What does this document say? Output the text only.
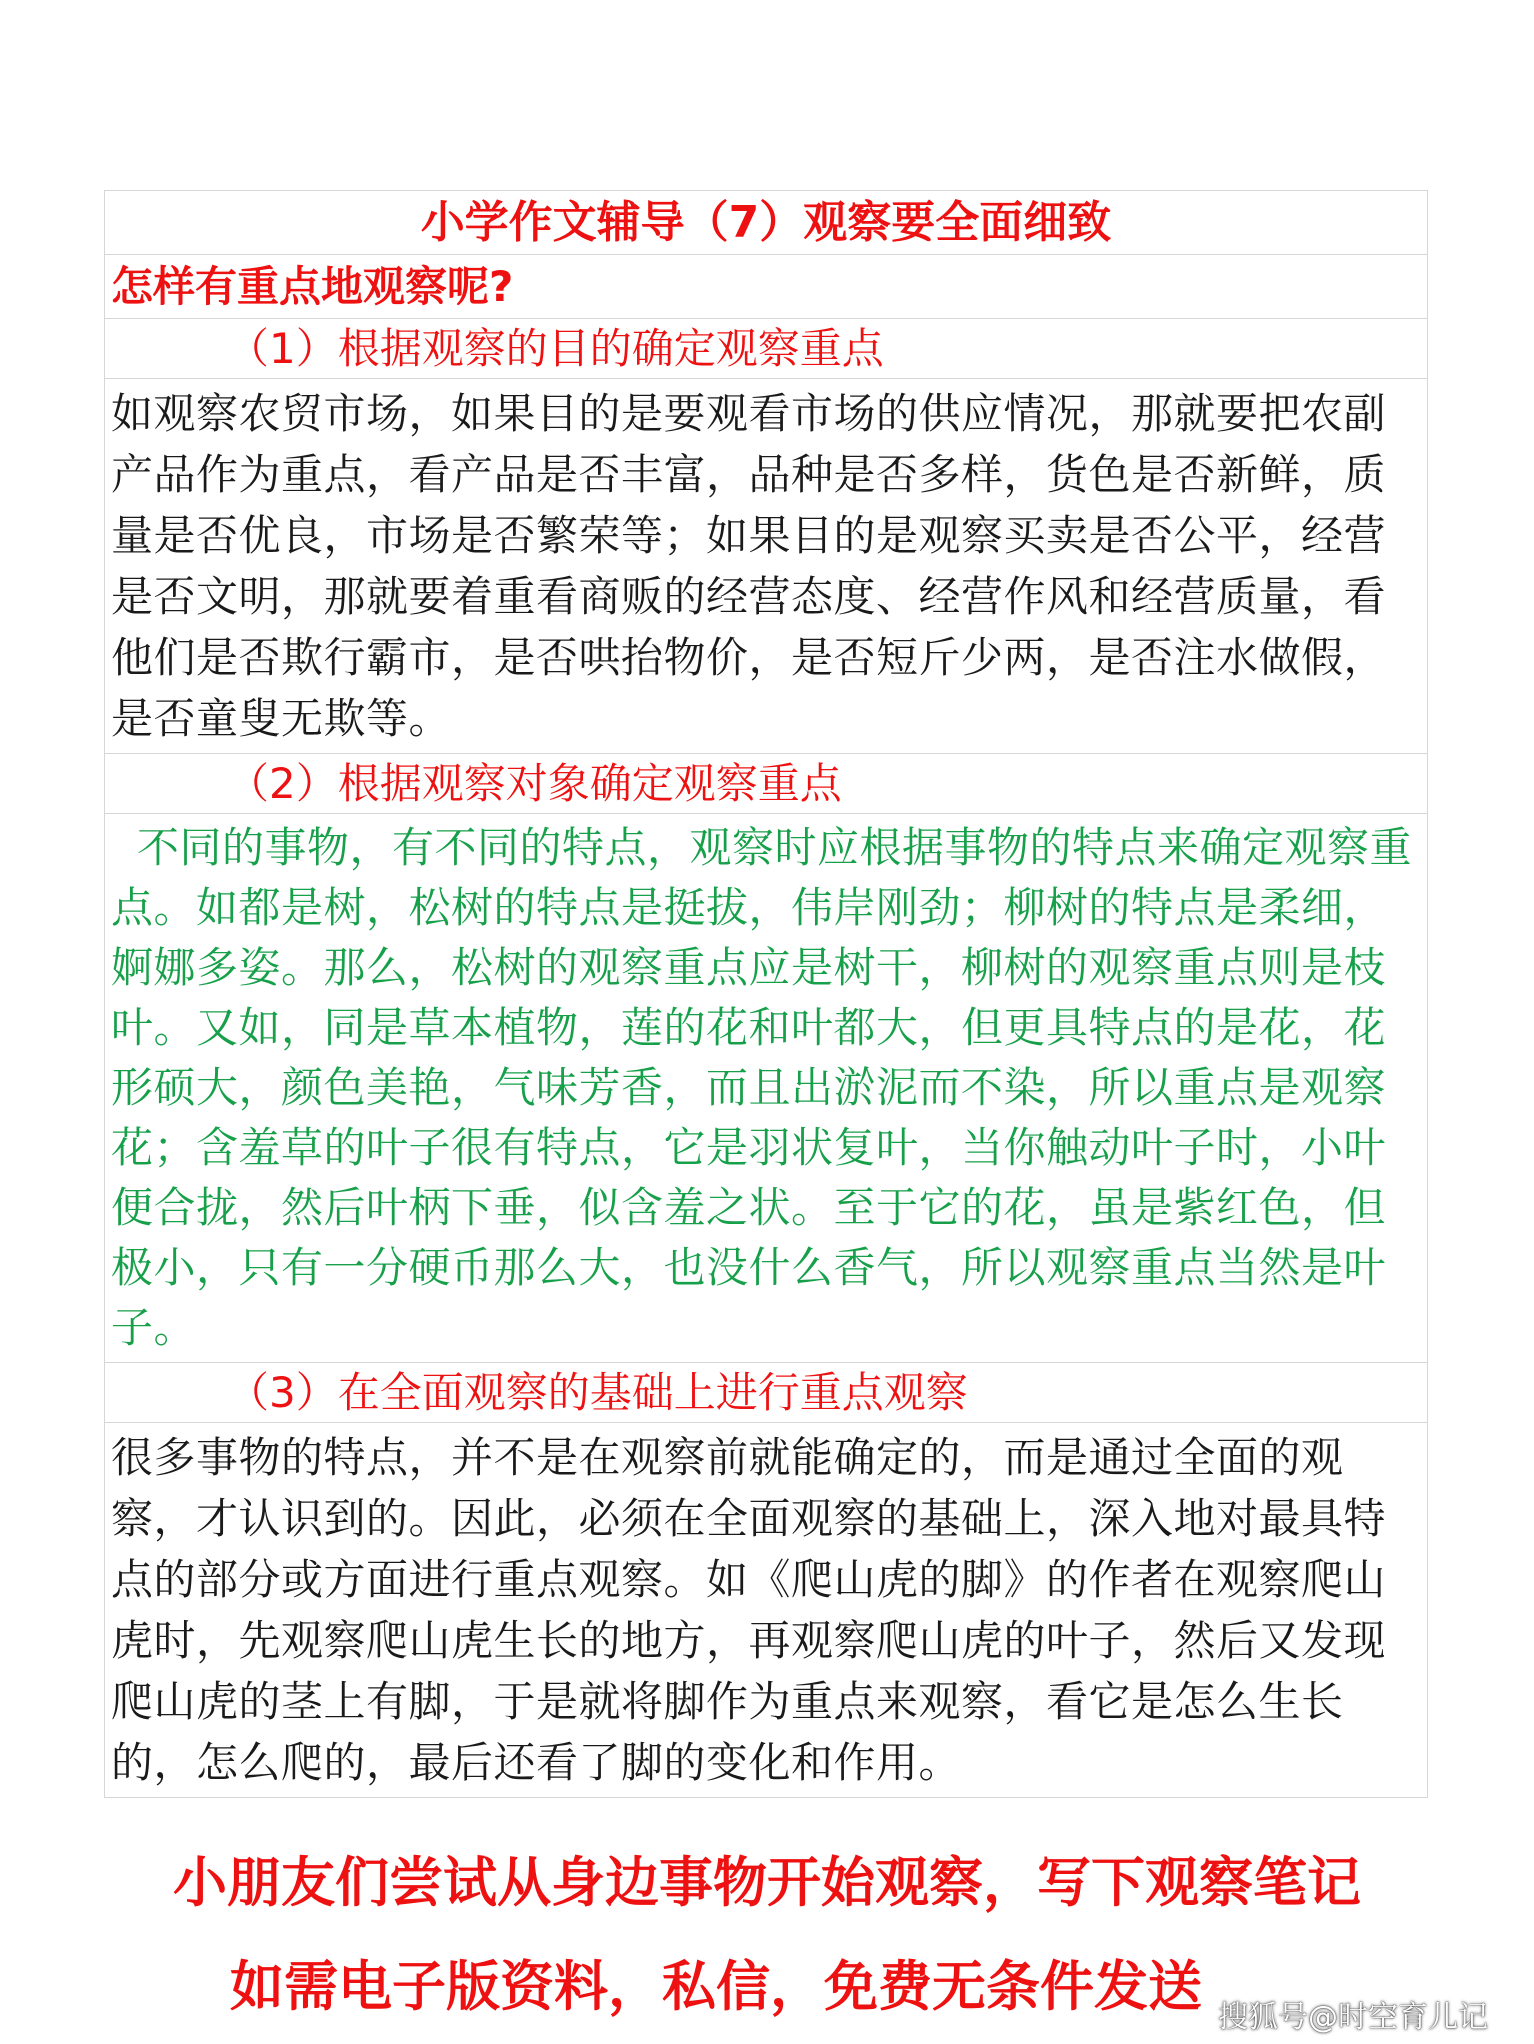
小学作文辅导（7）观察要全面细致
怎样有重点地观察呢?
（1）根据观察的目的确定观察重点
如观察农贸市场，如果目的是要观看市场的供应情况，那就要把农副产品作为重点，看产品是否丰富，品种是否多样，货色是否新鲜，质量是否优良，市场是否繁荣等；如果目的是观察买卖是否公平，经营是否文明，那就要着重看商贩的经营态度、经营作风和经营质量，看他们是否欺行霸市，是否哄抬物价，是否短斤少两，是否注水做假，是否童叟无欺等。
（2）根据观察对象确定观察重点
不同的事物，有不同的特点，观察时应根据事物的特点来确定观察重点。如都是树，松树的特点是挺拔，伟岸刚劲；柳树的特点是柔细，婀娜多姿。那么，松树的观察重点应是树干，柳树的观察重点则是枝叶。又如，同是草本植物，莲的花和叶都大，但更具特点的是花，花形硕大，颜色美艳，气味芳香，而且出淤泥而不染，所以重点是观察花；含羞草的叶子很有特点，它是羽状复叶，当你触动叶子时，小叶便合拢，然后叶柄下垂，似含羞之状。至于它的花，虽是紫红色，但极小，只有一分硬币那么大，也没什么香气，所以观察重点当然是叶子。
（3）在全面观察的基础上进行重点观察
很多事物的特点，并不是在观察前就能确定的，而是通过全面的观察，才认识到的。因此，必须在全面观察的基础上，深入地对最具特点的部分或方面进行重点观察。如《爬山虎的脚》的作者在观察爬山虎时，先观察爬山虎生长的地方，再观察爬山虎的叶子，然后又发现爬山虎的茎上有脚，于是就将脚作为重点来观察，看它是怎么生长的，怎么爬的，最后还看了脚的变化和作用。
小朋友们尝试从身边事物开始观察，写下观察笔记
如需电子版资料，私信，免费无条件发送 搜狐号@时空育儿记
